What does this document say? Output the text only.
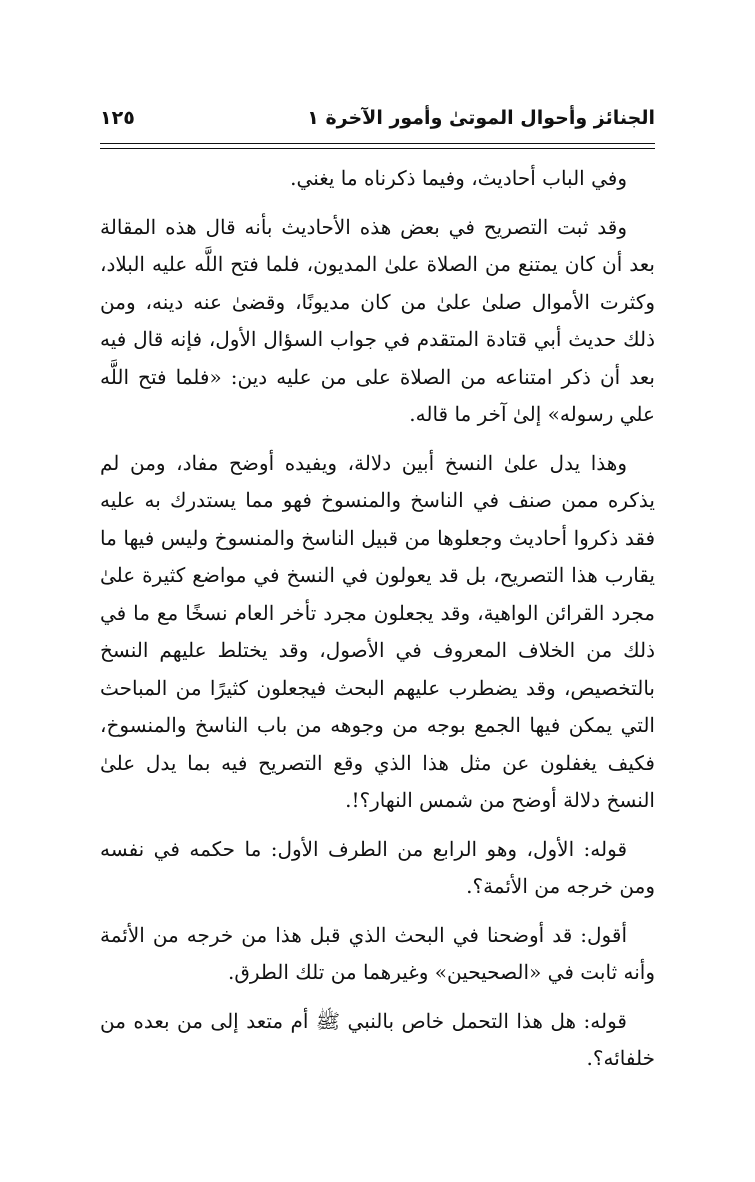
الجنائز وأحوال الموتىٰ وأمور الآخرة ١
١٢٥

وفي الباب أحاديث، وفيما ذكرناه ما يغني.

وقد ثبت التصريح في بعض هذه الأحاديث بأنه قال هذه المقالة بعد أن كان يمتنع من الصلاة علىٰ المديون، فلما فتح اللَّه عليه البلاد، وكثرت الأموال صلىٰ علىٰ من كان مديونًا، وقضىٰ عنه دينه، ومن ذلك حديث أبي قتادة المتقدم في جواب السؤال الأول، فإنه قال فيه بعد أن ذكر امتناعه من الصلاة على من عليه دين: «فلما فتح اللَّه علي رسوله» إلىٰ آخر ما قاله.

وهذا يدل علىٰ النسخ أبين دلالة، ويفيده أوضح مفاد، ومن لم يذكره ممن صنف في الناسخ والمنسوخ فهو مما يستدرك به عليه فقد ذكروا أحاديث وجعلوها من قبيل الناسخ والمنسوخ وليس فيها ما يقارب هذا التصريح، بل قد يعولون في النسخ في مواضع كثيرة علىٰ مجرد القرائن الواهية، وقد يجعلون مجرد تأخر العام نسخًا مع ما في ذلك من الخلاف المعروف في الأصول، وقد يختلط عليهم النسخ بالتخصيص، وقد يضطرب عليهم البحث فيجعلون كثيرًا من المباحث التي يمكن فيها الجمع بوجه من وجوهه من باب الناسخ والمنسوخ، فكيف يغفلون عن مثل هذا الذي وقع التصريح فيه بما يدل علىٰ النسخ دلالة أوضح من شمس النهار؟!.

قوله: الأول، وهو الرابع من الطرف الأول: ما حكمه في نفسه ومن خرجه من الأئمة؟.

أقول: قد أوضحنا في البحث الذي قبل هذا من خرجه من الأئمة وأنه ثابت في «الصحيحين» وغيرهما من تلك الطرق.

قوله: هل هذا التحمل خاص بالنبي ﷺ أم متعد إلى من بعده من خلفائه؟.
